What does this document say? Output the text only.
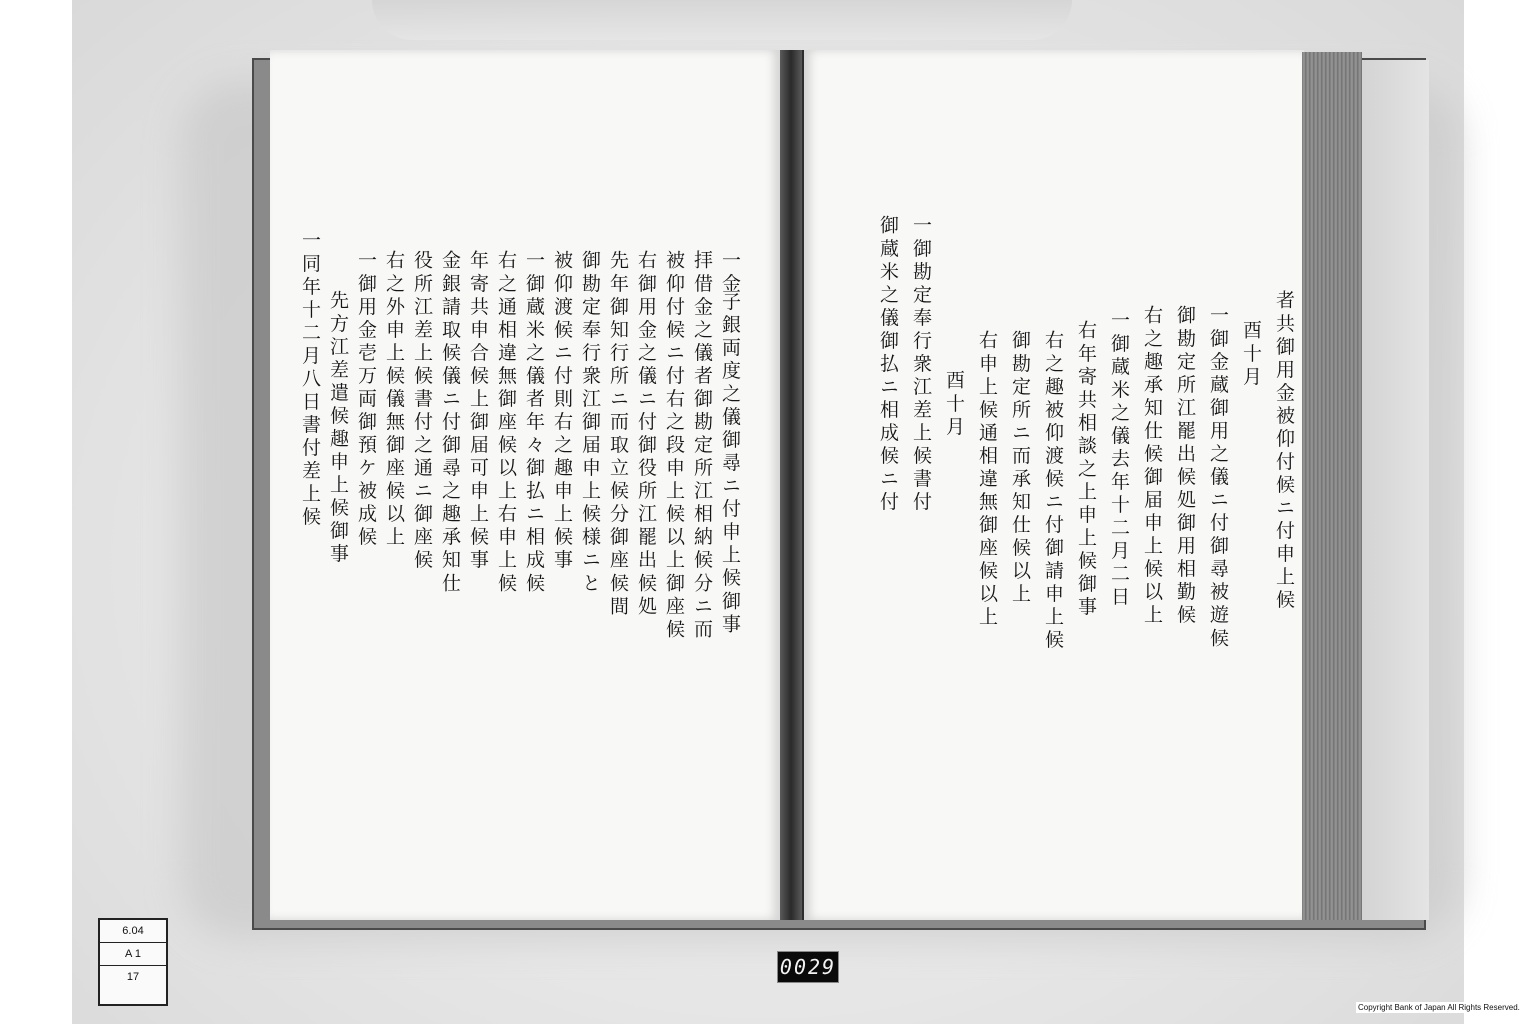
一 金子 銀 両 度 之 儀 御 尋 ニ 付 申 上 候 御 事
拝 借 金 之 儀 者 御 勘 定 所 江 相 納 候 分 ニ 而
被 仰 付 候 ニ 付 右 之 段 申 上 候 以 上 御 座 候
右 御 用 金 之 儀 ニ 付 御 役 所 江 罷 出 候 処
先 年 御 知 行 所 ニ 而 取 立 候 分 御 座 候 間
御 勘 定 奉 行 衆 江 御 届 申 上 候 様 ニ と
被 仰 渡 候 ニ 付 則 右 之 趣 申 上 候 事
一 御 蔵 米 之 儀 者 年 々 御 払 ニ 相 成 候
右 之 通 相 違 無 御 座 候 以 上 右 申 上 候
年 寄 共 申 合 候 上 御 届 可 申 上 候 事
金 銀 請 取 候 儀 ニ 付 御 尋 之 趣 承 知 仕
役 所 江 差 上 候 書 付 之 通 ニ 御 座 候
右 之 外 申 上 候 儀 無 御 座 候 以 上
一 御 用 金 壱 万 両 御 預 ケ 被 成 候
先 方 江 差 遣 候 趣 申 上 候 御 事
一 同 年 十 二 月 八 日 書 付 差 上 候	者 共 御 用 金 被 仰 付 候 ニ 付 申 上 候
酉 十 月
一 御 金 蔵 御 用 之 儀 ニ 付 御 尋 被 遊 候
御 勘 定 所 江 罷 出 候 処 御 用 相 勤 候
右 之 趣 承 知 仕 候 御 届 申 上 候 以 上
一 御 蔵 米 之 儀 去 年 十 二 月 二 日
右 年 寄 共 相 談 之 上 申 上 候 御 事
右 之 趣 被 仰 渡 候 ニ 付 御 請 申 上 候
御 勘 定 所 ニ 而 承 知 仕 候 以 上
右 申 上 候 通 相 違 無 御 座 候 以 上
酉 十 月
一 御 勘 定 奉 行 衆 江 差 上 候 書 付
御 蔵 米 之 儀 御 払 ニ 相 成 候 ニ 付
6.04
A 1
17	0029
Copyright Bank of Japan All Rights Reserved.
